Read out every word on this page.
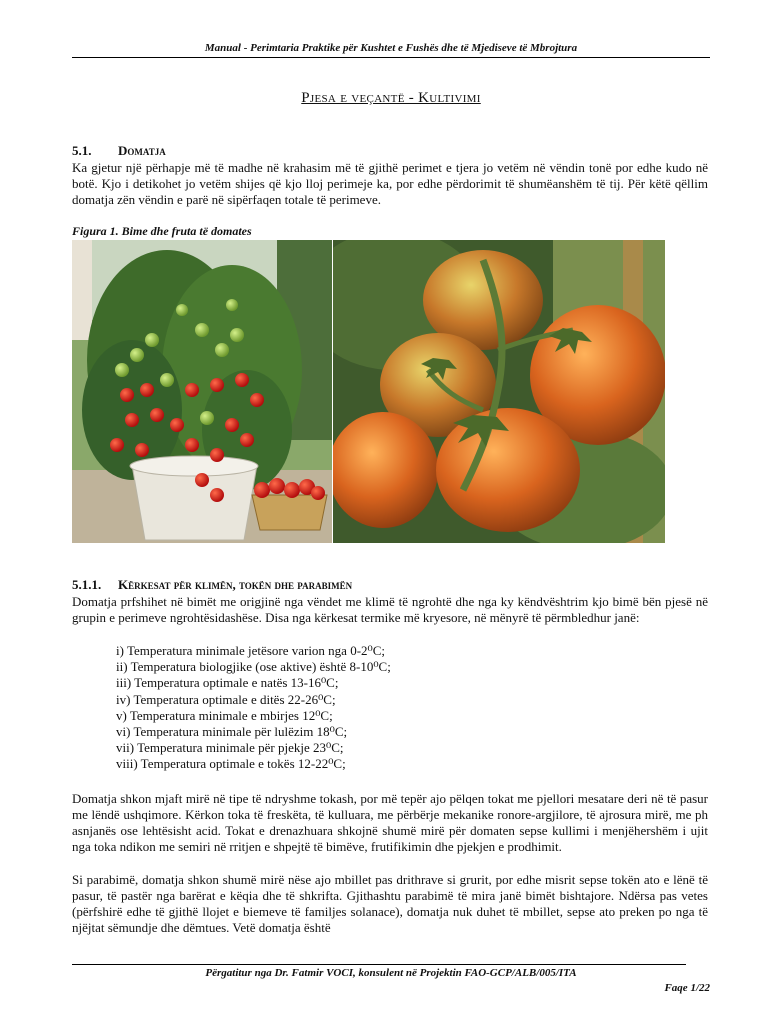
Manual - Perimtaria Praktike për Kushtet e Fushës dhe të Mjediseve të Mbrojtura
Pjesa e veçantë - Kultivimi
5.1. Domatja

Ka gjetur një përhapje më të madhe në krahasim më të gjithë perimet e tjera jo vetëm në vëndin tonë por edhe kudo në botë. Kjo i detikohet jo vetëm shijes që kjo lloj perimeje ka, por edhe përdorimit të shumëanshëm të tij. Për këtë qëllim domatja zën vëndin e parë në sipërfaqen totale të perimeve.

Figura 1. Bime dhe fruta të domates
5.1.1. Kërkesat për klimën, tokën dhe parabimën

Domatja prfshihet në bimët me origjinë nga vëndet me klimë të ngrohtë dhe nga ky këndvështrim kjo bimë bën pjesë në grupin e perimeve ngrohtësidashëse. Disa nga kërkesat termike më kryesore, në mënyrë të përmbledhur janë:

i) Temperatura minimale jetësore varion nga 0-2⁰C;
ii) Temperatura biologjike (ose aktive) është 8-10⁰C;
iii) Temperatura optimale e natës 13-16⁰C;
iv) Temperatura optimale e ditës 22-26⁰C;
v) Temperatura minimale e mbirjes 12⁰C;
vi) Temperatura minimale për lulëzim 18⁰C;
vii) Temperatura minimale për pjekje 23⁰C;
viii) Temperatura optimale e tokës 12-22⁰C;

Domatja shkon mjaft mirë në tipe të ndryshme tokash, por më tepër ajo pëlqen tokat me pjellori mesatare deri në të pasur me lëndë ushqimore. Kërkon toka të freskëta, të kulluara, me përbërje mekanike ronore-argjilore, të ajrosura mirë, me ph asnjanës ose lehtësisht acid. Tokat e drenazhuara shkojnë shumë mirë për domaten sepse kullimi i menjëhershëm i ujit nga toka ndikon me semiri në rritjen e shpejtë të bimëve, frutifikimin dhe pjekjen e prodhimit.

Si parabimë, domatja shkon shumë mirë nëse ajo mbillet pas drithrave si grurit, por edhe misrit sepse tokën ato e lënë të pasur, të pastër nga barërat e këqia dhe të shkrifta. Gjithashtu parabimë të mira janë bimët bishtajore. Ndërsa pas vetes (përfshirë edhe të gjithë llojet e biemeve të familjes solanace), domatja nuk duhet të mbillet, sepse ato preken po nga të njëjtat sëmundje dhe dëmtues. Vetë domatja është

Përgatitur nga Dr. Fatmir VOCI, konsulent në Projektin FAO-GCP/ALB/005/ITA
Faqe 1/22
